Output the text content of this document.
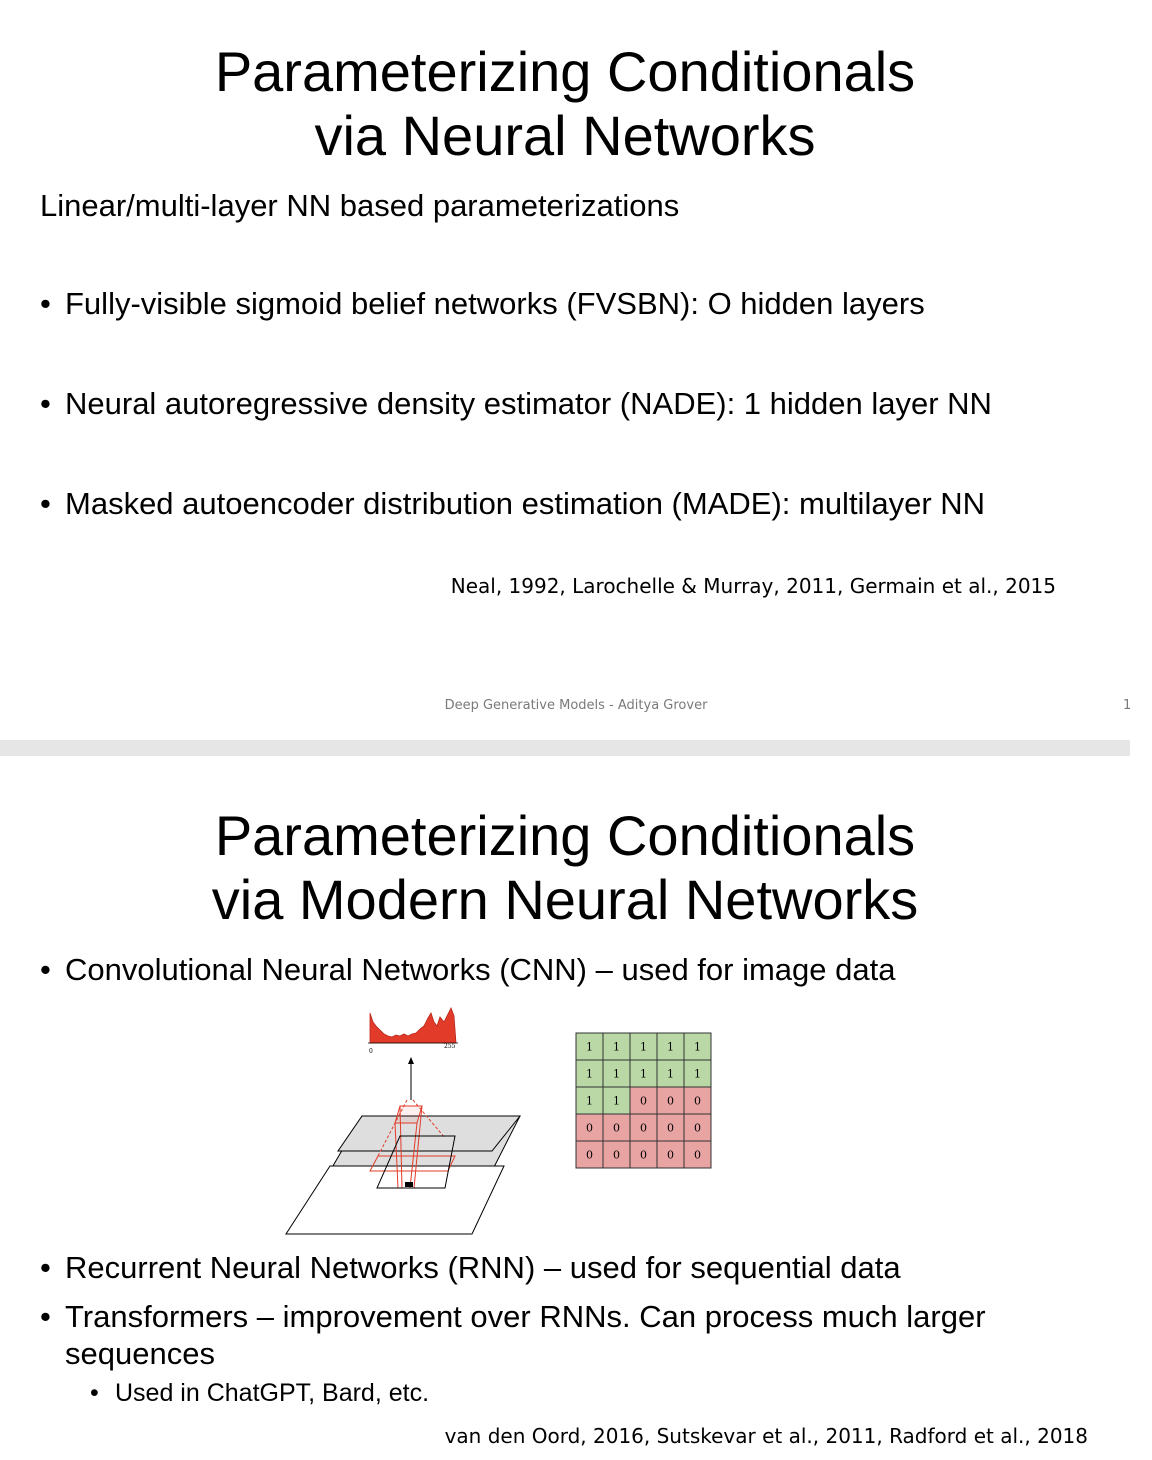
Parameterizing Conditionals
via Neural Networks
Linear/multi-layer NN based parameterizations
• Fully-visible sigmoid belief networks (FVSBN): O hidden layers
• Neural autoregressive density estimator (NADE): 1 hidden layer NN
• Masked autoencoder distribution estimation (MADE): multilayer NN
Neal, 1992, Larochelle & Murray, 2011, Germain et al., 2015
Deep Generative Models - Aditya Grover	1
Parameterizing Conditionals
via Modern Neural Networks
• Convolutional Neural Networks (CNN) – used for image data
0
255	1 1 1 1 1
1 1 1 1 1
1 1 0 0 0
0 0 0 0 0
0 0 0 0 0
• Recurrent Neural Networks (RNN) – used for sequential data
• Transformers – improvement over RNNs. Can process much larger
sequences
• Used in ChatGPT, Bard, etc.
van den Oord, 2016, Sutskevar et al., 2011, Radford et al., 2018
